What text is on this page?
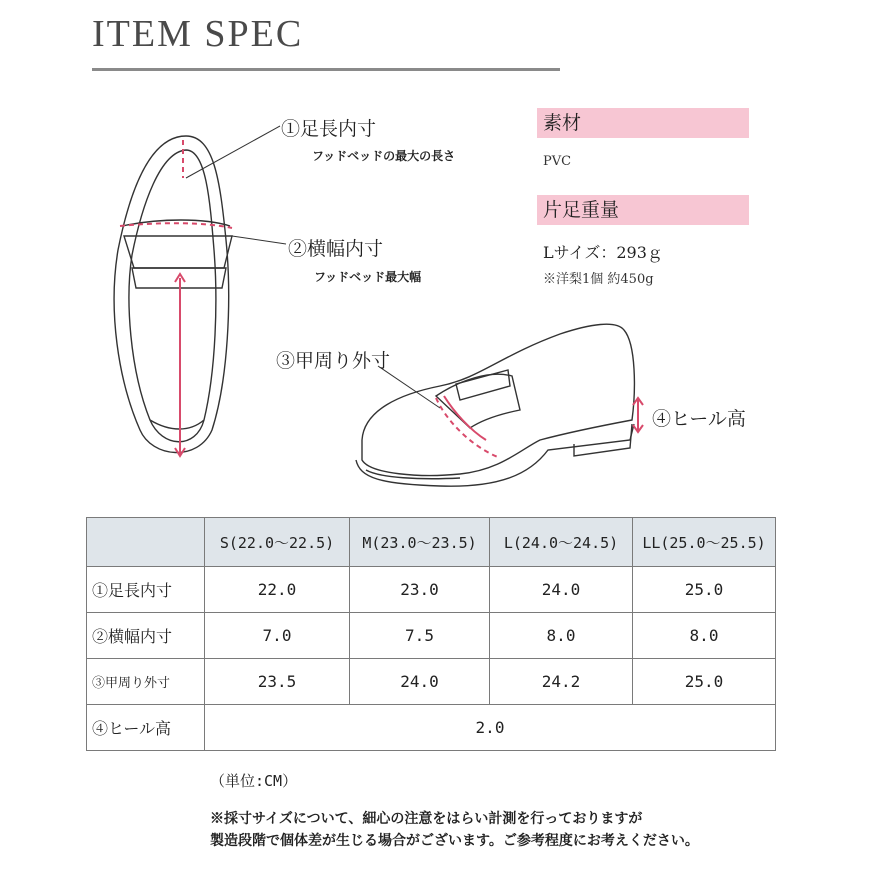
ITEM SPEC
①足長内寸
フッドベッドの最大の長さ
②横幅内寸
フッドベッド最大幅
③甲周り外寸
④ヒール高
素材
PVC
片足重量
Lサイズ：293ｇ
※洋梨1個 約450g
	S(22.0～22.5)	M(23.0～23.5)	L(24.0～24.5)	LL(25.0～25.5)
①足長内寸	22.0	23.0	24.0	25.0
②横幅内寸	7.0	7.5	8.0	8.0
③甲周り外寸	23.5	24.0	24.2	25.0
④ヒール高	2.0			
（単位:CM）
※採寸サイズについて、細心の注意をはらい計測を行っておりますが
製造段階で個体差が生じる場合がございます。ご参考程度にお考えください。
